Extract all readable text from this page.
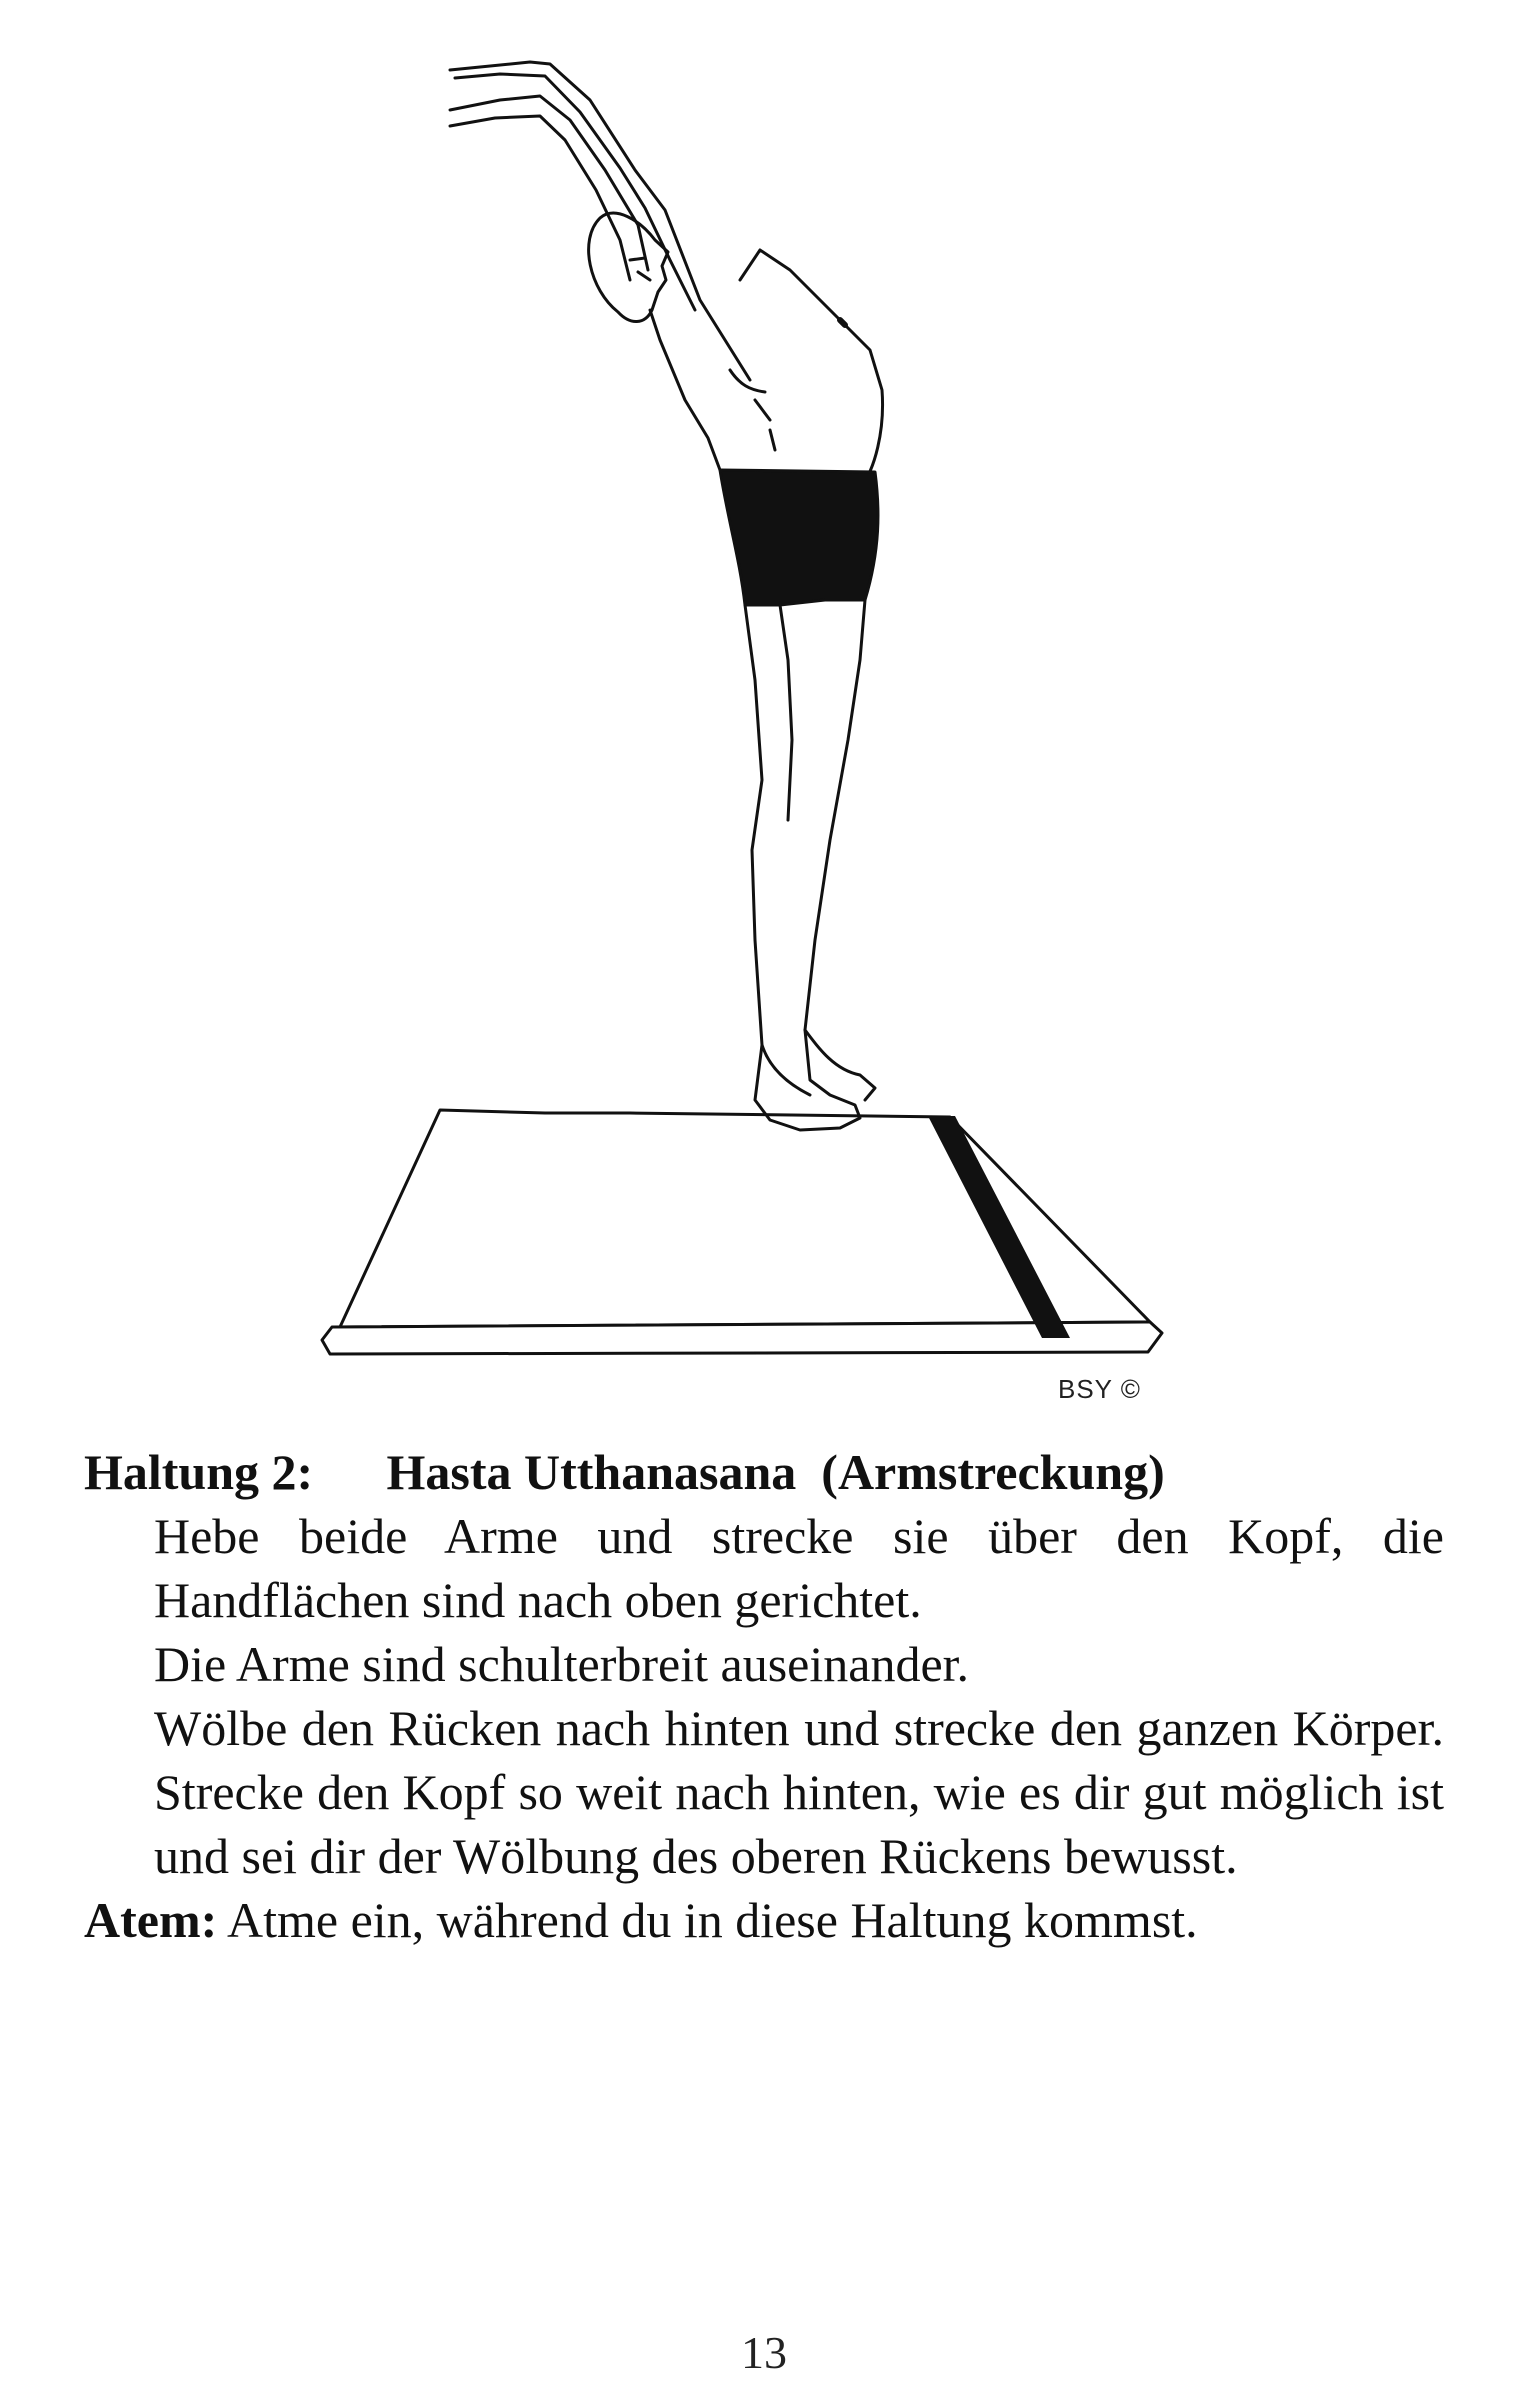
BSY ©

Haltung 2: Hasta Utthanasana (Armstreckung)

Hebe beide Arme und strecke sie über den Kopf, die Handflächen sind nach oben gerichtet.

Die Arme sind schulterbreit auseinander.

Wölbe den Rücken nach hinten und strecke den ganzen Körper. Strecke den Kopf so weit nach hinten, wie es dir gut möglich ist und sei dir der Wölbung des oberen Rückens bewusst.

Atem: Atme ein, während du in diese Haltung kommst.

13
